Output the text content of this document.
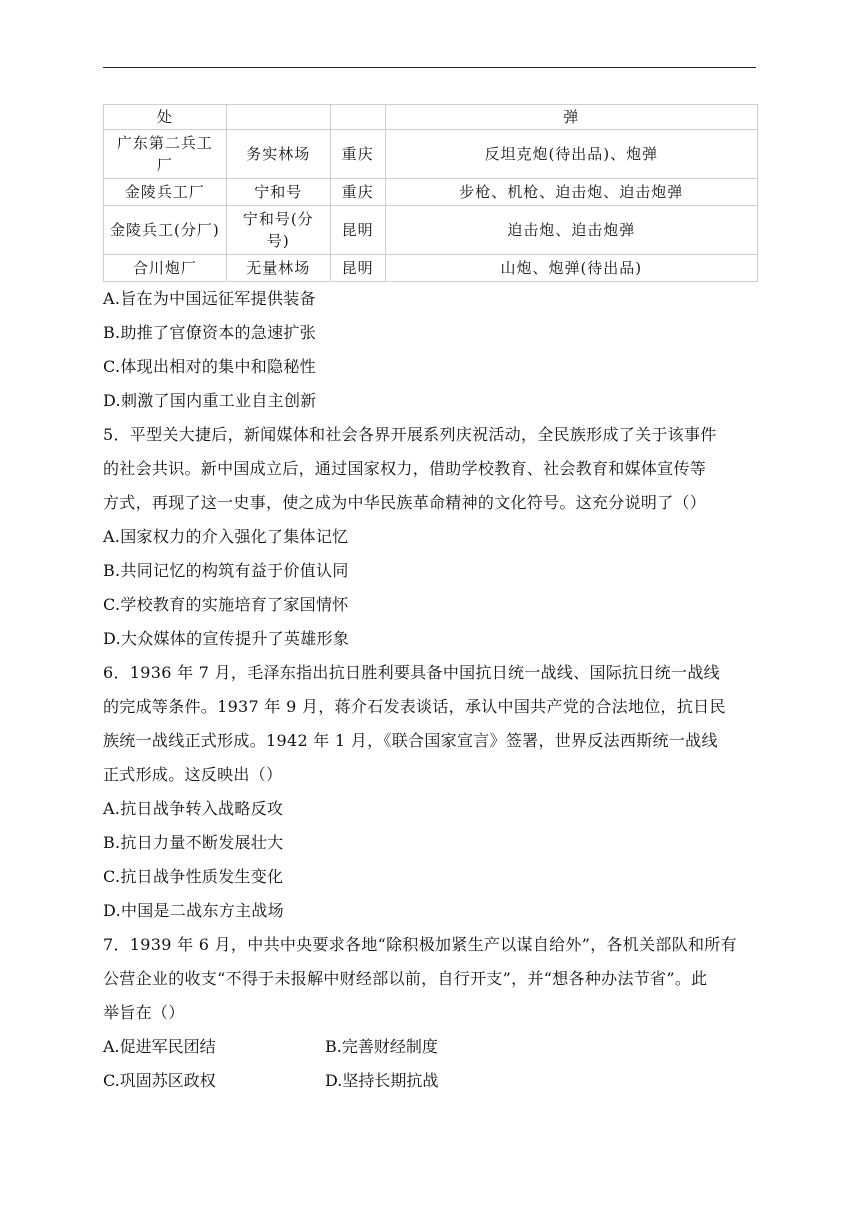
处			弹
广东第二兵工厂	务实林场	重庆	反坦克炮(待出品)、炮弹
金陵兵工厂	宁和号	重庆	步枪、机枪、迫击炮、迫击炮弹
金陵兵工(分厂)	宁和号(分号)	昆明	迫击炮、迫击炮弹
合川炮厂	无量林场	昆明	山炮、炮弹(待出品)
A.旨在为中国远征军提供装备
B.助推了官僚资本的急速扩张
C.体现出相对的集中和隐秘性
D.刺激了国内重工业自主创新
5．平型关大捷后，新闻媒体和社会各界开展系列庆祝活动，全民族形成了关于该事件
的社会共识。新中国成立后，通过国家权力，借助学校教育、社会教育和媒体宣传等
方式，再现了这一史事，使之成为中华民族革命精神的文化符号。这充分说明了（）
A.国家权力的介入强化了集体记忆
B.共同记忆的构筑有益于价值认同
C.学校教育的实施培育了家国情怀
D.大众媒体的宣传提升了英雄形象
6．1936 年 7 月，毛泽东指出抗日胜利要具备中国抗日统一战线、国际抗日统一战线
的完成等条件。1937 年 9 月，蒋介石发表谈话，承认中国共产党的合法地位，抗日民
族统一战线正式形成。1942 年 1 月，《联合国家宣言》签署，世界反法西斯统一战线
正式形成。这反映出（）
A.抗日战争转入战略反攻
B.抗日力量不断发展壮大
C.抗日战争性质发生变化
D.中国是二战东方主战场
7．1939 年 6 月，中共中央要求各地“除积极加紧生产以谋自给外”，各机关部队和所有
公营企业的收支“不得于未报解中财经部以前，自行开支”，并“想各种办法节省”。此
举旨在（）
A.促进军民团结	B.完善财经制度
C.巩固苏区政权	D.坚持长期抗战
